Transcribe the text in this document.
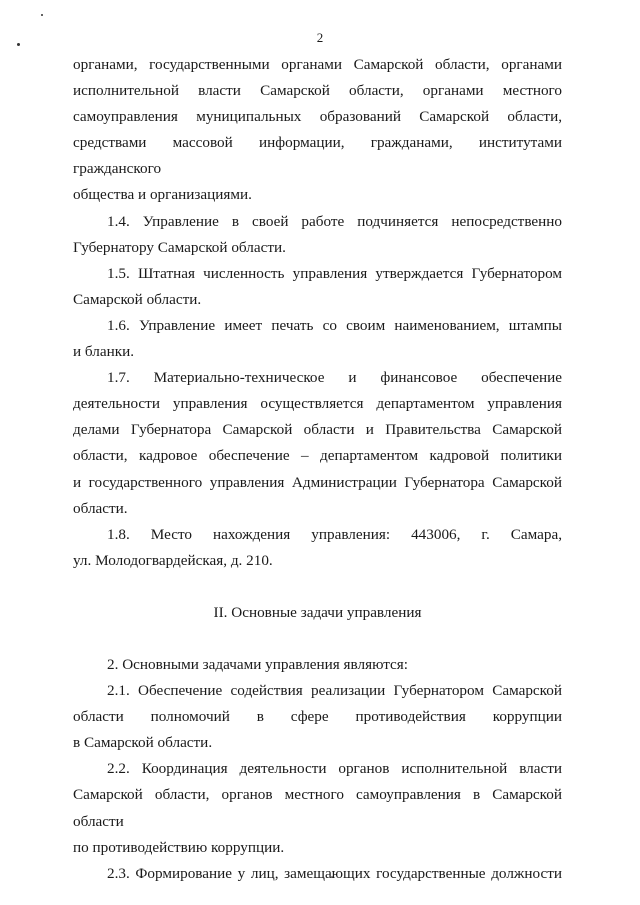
2

органами, государственными органами Самарской области, органами

исполнительной власти Самарской области, органами местного

самоуправления муниципальных образований Самарской области,

средствами массовой информации, гражданами, институтами гражданского

общества и организациями.

1.4. Управление в своей работе подчиняется непосредственно

Губернатору Самарской области.

1.5. Штатная численность управления утверждается Губернатором

Самарской области.

1.6. Управление имеет печать со своим наименованием, штампы

и бланки.

1.7. Материально-техническое и финансовое обеспечение

деятельности управления осуществляется департаментом управления

делами Губернатора Самарской области и Правительства Самарской

области, кадровое обеспечение – департаментом кадровой политики

и государственного управления Администрации Губернатора Самарской

области.

1.8. Место нахождения управления: 443006, г. Самара,

ул. Молодогвардейская, д. 210.

II. Основные задачи управления

2. Основными задачами управления являются:

2.1. Обеспечение содействия реализации Губернатором Самарской

области полномочий в сфере противодействия коррупции

в Самарской области.

2.2. Координация деятельности органов исполнительной власти

Самарской области, органов местного самоуправления в Самарской области

по противодействию коррупции.

2.3. Формирование у лиц, замещающих государственные должности
